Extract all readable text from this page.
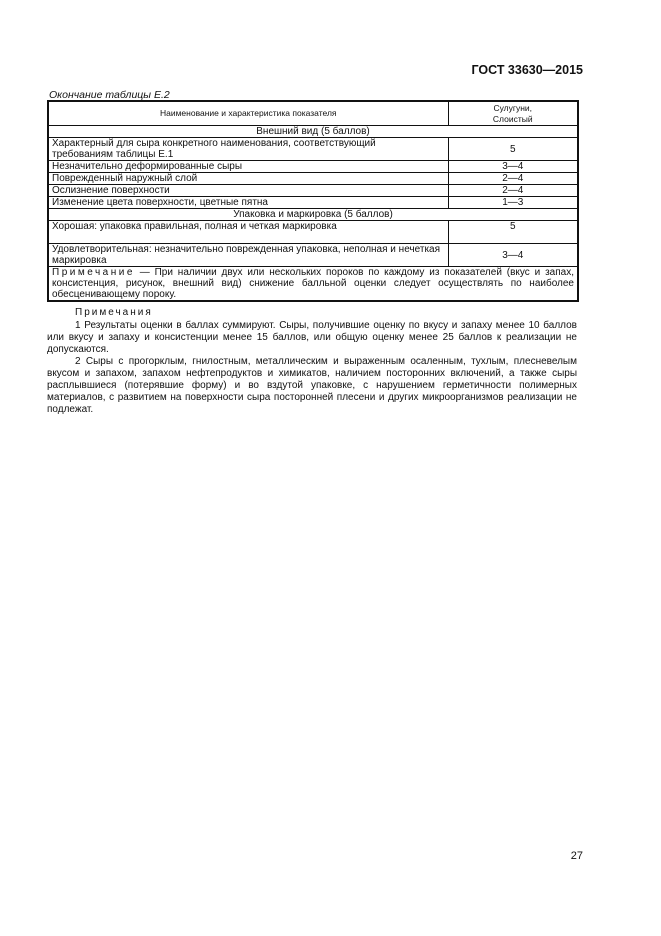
ГОСТ 33630—2015
Окончание таблицы Е.2
Наименование и характеристика показателя	Сулугуни,
Слоистый

Внешний вид (5 баллов)	

Характерный для сыра конкретного наименования, соответствующий
требованиям таблицы Е.1	5
Незначительно деформированные сыры	3—4
Поврежденный наружный слой	2—4
Ослизнение поверхности	2—4
Изменение цвета поверхности, цветные пятна	1—3
Упаковка и маркировка (5 баллов)	
Хорошая: упаковка правильная, полная и четкая маркировка	5

Удовлетворительная: незначительно поврежденная упаковка, неполная и нечеткая
маркировка	3—4
Примечание — При наличии двух или нескольких пороков по каждому из показателей (вкус и запах, консистенция, рисунок, внешний вид) снижение балльной оценки следует осуществлять по наиболее обесценивающему пороку.	

Примечания

1 Результаты оценки в баллах суммируют. Сыры, получившие оценку по вкусу и запаху менее 10 баллов или вкусу и запаху и консистенции менее 15 баллов, или общую оценку менее 25 баллов к реализации не допускаются.

2 Сыры с прогорклым, гнилостным, металлическим и выраженным осаленным, тухлым, плесневелым вкусом и запахом, запахом нефтепродуктов и химикатов, наличием посторонних включений, а также сыры расплывшиеся (потерявшие форму) и во вздутой упаковке, с нарушением герметичности полимерных материалов, с развитием на поверхности сыра посторонней плесени и других микроорганизмов реализации не подлежат.

27
